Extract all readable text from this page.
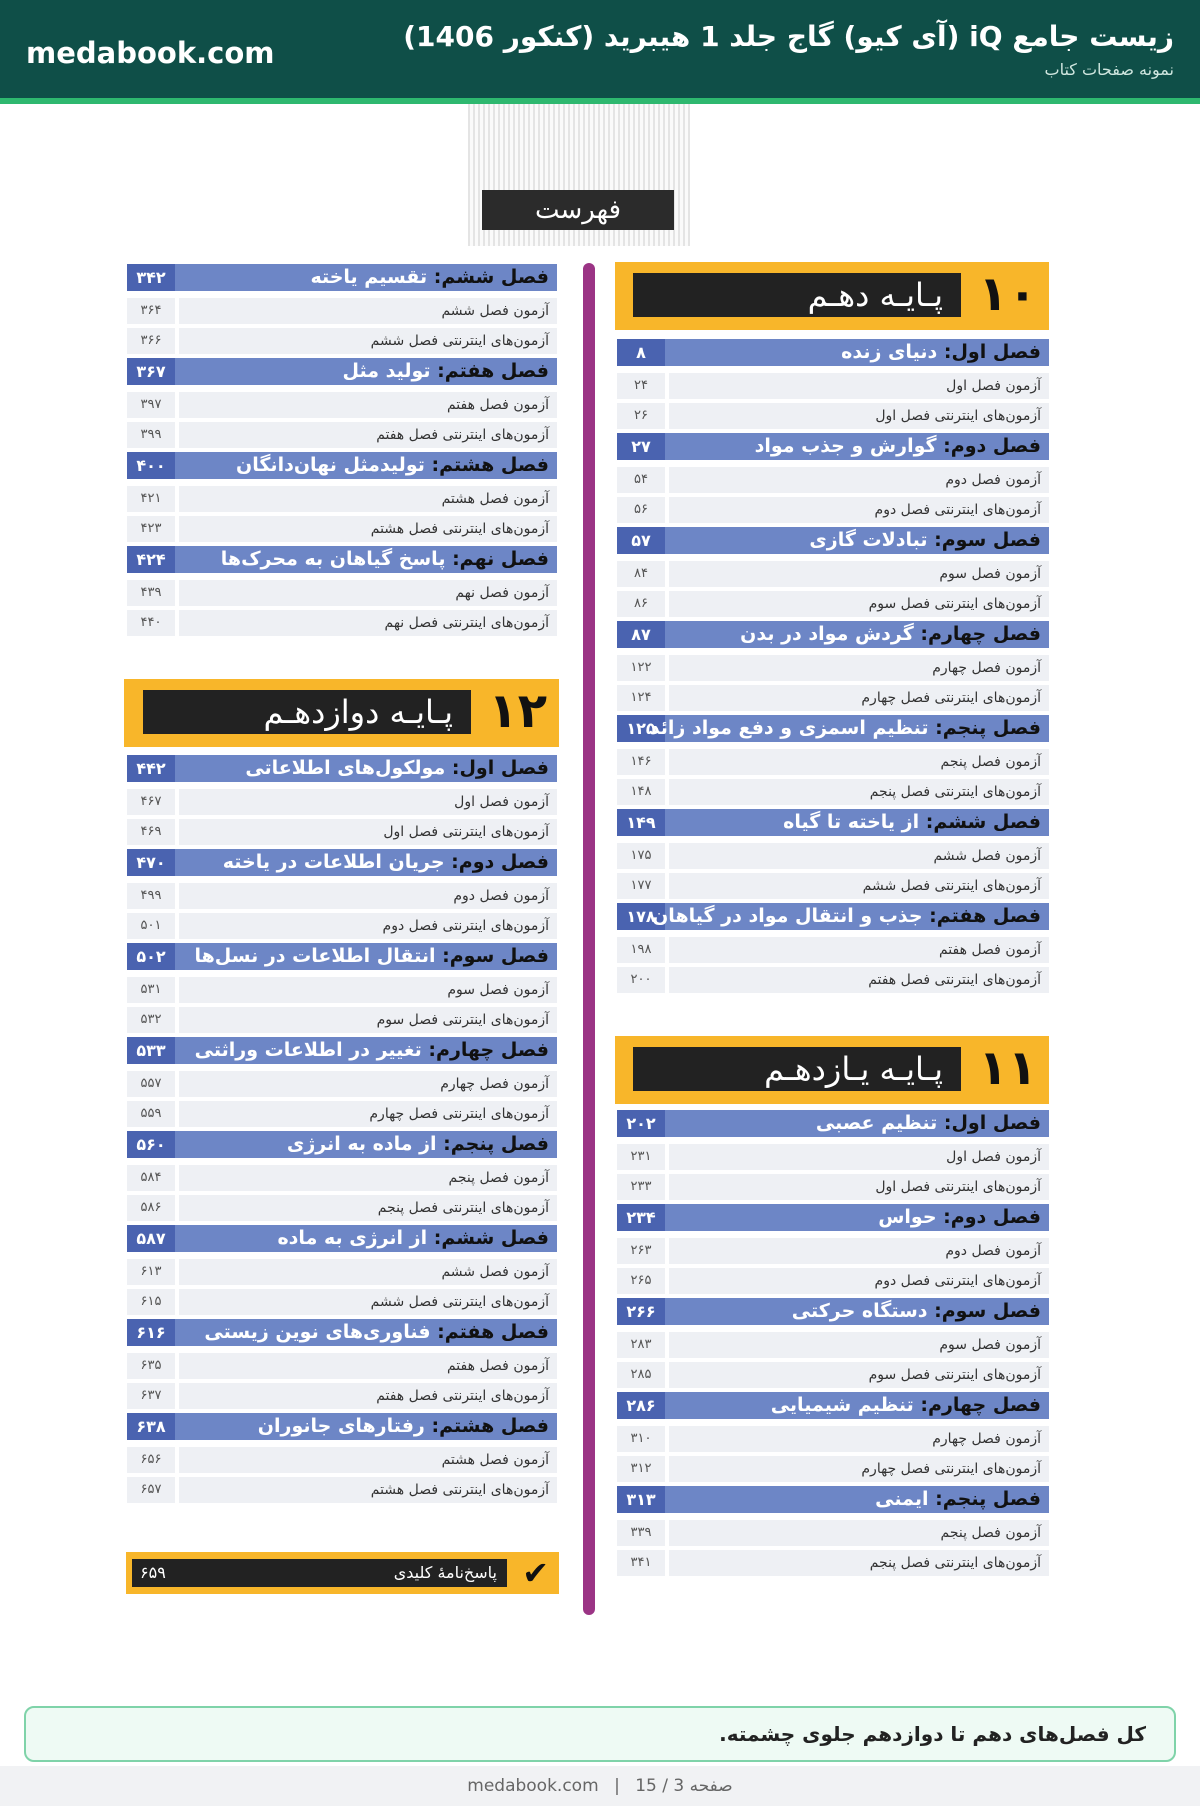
medabook.com	زیست جامع iQ (آی کیو) گاج جلد 1 هیبرید (کنکور 1406)
نمونه صفحات کتاب
فهرست
۱۰
پـایـه دهـم
۸	فصل اول: دنیای زنده
۲۴	آزمون فصل اول
۲۶	آزمون‌های اینترنتی فصل اول
۲۷	فصل دوم: گوارش و جذب مواد
۵۴	آزمون فصل دوم
۵۶	آزمون‌های اینترنتی فصل دوم
۵۷	فصل سوم: تبادلات گازی
۸۴	آزمون فصل سوم
۸۶	آزمون‌های اینترنتی فصل سوم
۸۷	فصل چهارم: گردش مواد در بدن
۱۲۲	آزمون فصل چهارم
۱۲۴	آزمون‌های اینترنتی فصل چهارم
۱۲۵	فصل پنجم: تنظیم اسمزی و دفع مواد زائد
۱۴۶	آزمون فصل پنجم
۱۴۸	آزمون‌های اینترنتی فصل پنجم
۱۴۹	فصل ششم: از یاخته تا گیاه
۱۷۵	آزمون فصل ششم
۱۷۷	آزمون‌های اینترنتی فصل ششم
۱۷۸	فصل هفتم: جذب و انتقال مواد در گیاهان
۱۹۸	آزمون فصل هفتم
۲۰۰	آزمون‌های اینترنتی فصل هفتم
۱۱
پـایـه یـازدهـم
۲۰۲	فصل اول: تنظیم عصبی
۲۳۱	آزمون فصل اول
۲۳۳	آزمون‌های اینترنتی فصل اول
۲۳۴	فصل دوم: حواس
۲۶۳	آزمون فصل دوم
۲۶۵	آزمون‌های اینترنتی فصل دوم
۲۶۶	فصل سوم: دستگاه حرکتی
۲۸۳	آزمون فصل سوم
۲۸۵	آزمون‌های اینترنتی فصل سوم
۲۸۶	فصل چهارم: تنظیم شیمیایی
۳۱۰	آزمون فصل چهارم
۳۱۲	آزمون‌های اینترنتی فصل چهارم
۳۱۳	فصل پنجم: ایمنی
۳۳۹	آزمون فصل پنجم
۳۴۱	آزمون‌های اینترنتی فصل پنجم
۳۴۲	فصل ششم: تقسیم یاخته
۳۶۴	آزمون فصل ششم
۳۶۶	آزمون‌های اینترنتی فصل ششم
۳۶۷	فصل هفتم: تولید مثل
۳۹۷	آزمون فصل هفتم
۳۹۹	آزمون‌های اینترنتی فصل هفتم
۴۰۰	فصل هشتم: تولیدمثل نهان‌دانگان
۴۲۱	آزمون فصل هشتم
۴۲۳	آزمون‌های اینترنتی فصل هشتم
۴۲۴	فصل نهم: پاسخ گیاهان به محرک‌ها
۴۳۹	آزمون فصل نهم
۴۴۰	آزمون‌های اینترنتی فصل نهم
۱۲
پـایـه دوازدهـم
۴۴۲	فصل اول: مولکول‌های اطلاعاتی
۴۶۷	آزمون فصل اول
۴۶۹	آزمون‌های اینترنتی فصل اول
۴۷۰	فصل دوم: جریان اطلاعات در یاخته
۴۹۹	آزمون فصل دوم
۵۰۱	آزمون‌های اینترنتی فصل دوم
۵۰۲	فصل سوم: انتقال اطلاعات در نسل‌ها
۵۳۱	آزمون فصل سوم
۵۳۲	آزمون‌های اینترنتی فصل سوم
۵۳۳	فصل چهارم: تغییر در اطلاعات وراثتی
۵۵۷	آزمون فصل چهارم
۵۵۹	آزمون‌های اینترنتی فصل چهارم
۵۶۰	فصل پنجم: از ماده به انرژی
۵۸۴	آزمون فصل پنجم
۵۸۶	آزمون‌های اینترنتی فصل پنجم
۵۸۷	فصل ششم: از انرژی به ماده
۶۱۳	آزمون فصل ششم
۶۱۵	آزمون‌های اینترنتی فصل ششم
۶۱۶	فصل هفتم: فناوری‌های نوین زیستی
۶۳۵	آزمون فصل هفتم
۶۳۷	آزمون‌های اینترنتی فصل هفتم
۶۳۸	فصل هشتم: رفتارهای جانوران
۶۵۶	آزمون فصل هشتم
۶۵۷	آزمون‌های اینترنتی فصل هشتم
۶۵۹	پاسخ‌نامهٔ کلیدی ✔
کل فصل‌های دهم تا دوازدهم جلوی چشمته.
medabook.com | 15 / 3 صفحه
